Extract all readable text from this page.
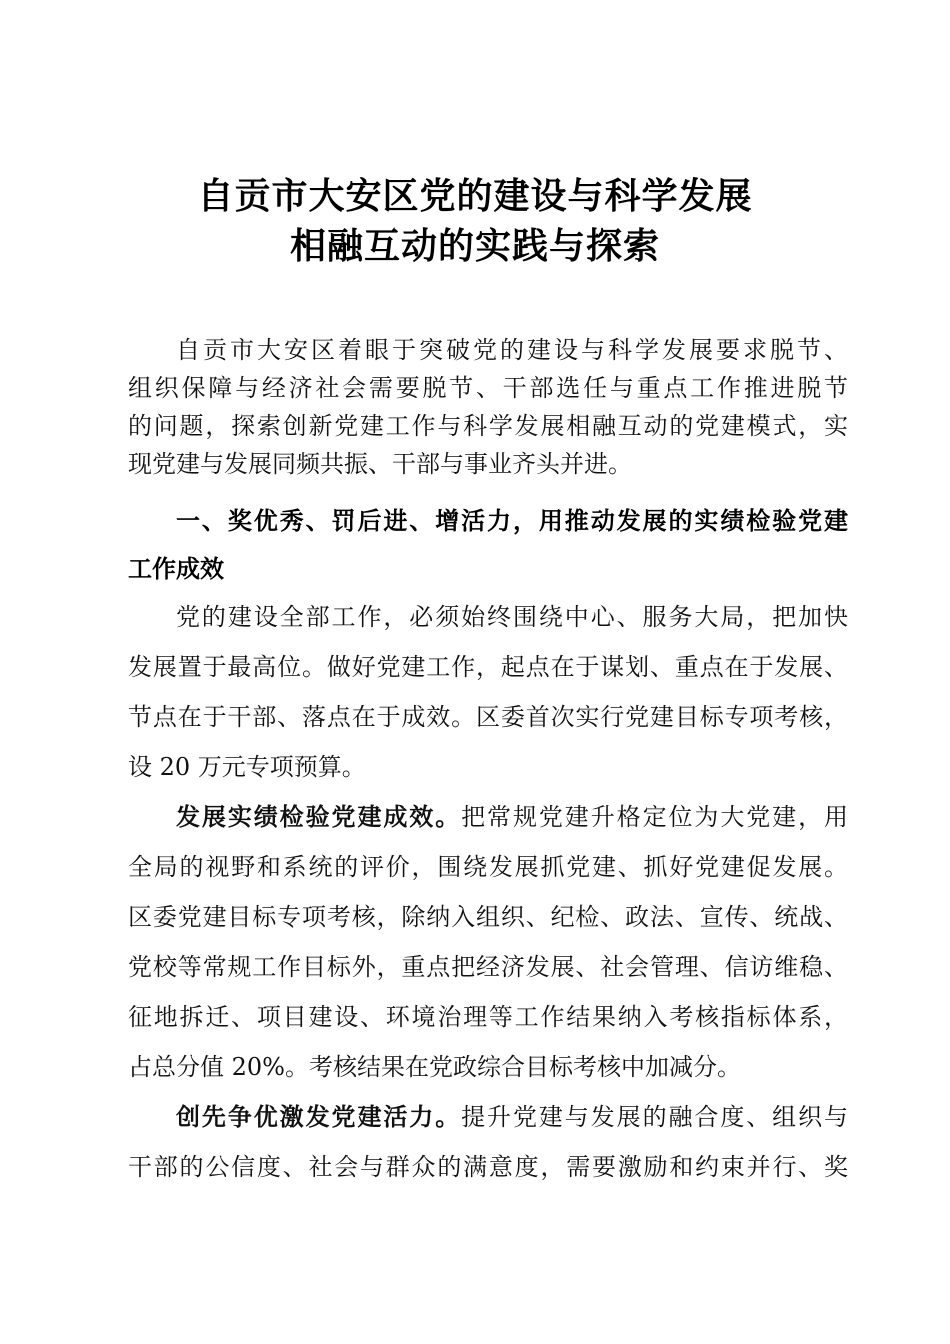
自贡市大安区党的建设与科学发展
相融互动的实践与探索
自贡市大安区着眼于突破党的建设与科学发展要求脱节、
组织保障与经济社会需要脱节、干部选任与重点工作推进脱节
的问题，探索创新党建工作与科学发展相融互动的党建模式，实
现党建与发展同频共振、干部与事业齐头并进。
一、奖优秀、罚后进、增活力，用推动发展的实绩检验党建
工作成效
党的建设全部工作，必须始终围绕中心、服务大局，把加快
发展置于最高位。做好党建工作，起点在于谋划、重点在于发展、
节点在于干部、落点在于成效。区委首次实行党建目标专项考核，
设 20 万元专项预算。
发展实绩检验党建成效。把常规党建升格定位为大党建，用
全局的视野和系统的评价，围绕发展抓党建、抓好党建促发展。
区委党建目标专项考核，除纳入组织、纪检、政法、宣传、统战、
党校等常规工作目标外，重点把经济发展、社会管理、信访维稳、
征地拆迁、项目建设、环境治理等工作结果纳入考核指标体系，
占总分值 20%。考核结果在党政综合目标考核中加减分。
创先争优激发党建活力。提升党建与发展的融合度、组织与
干部的公信度、社会与群众的满意度，需要激励和约束并行、奖
